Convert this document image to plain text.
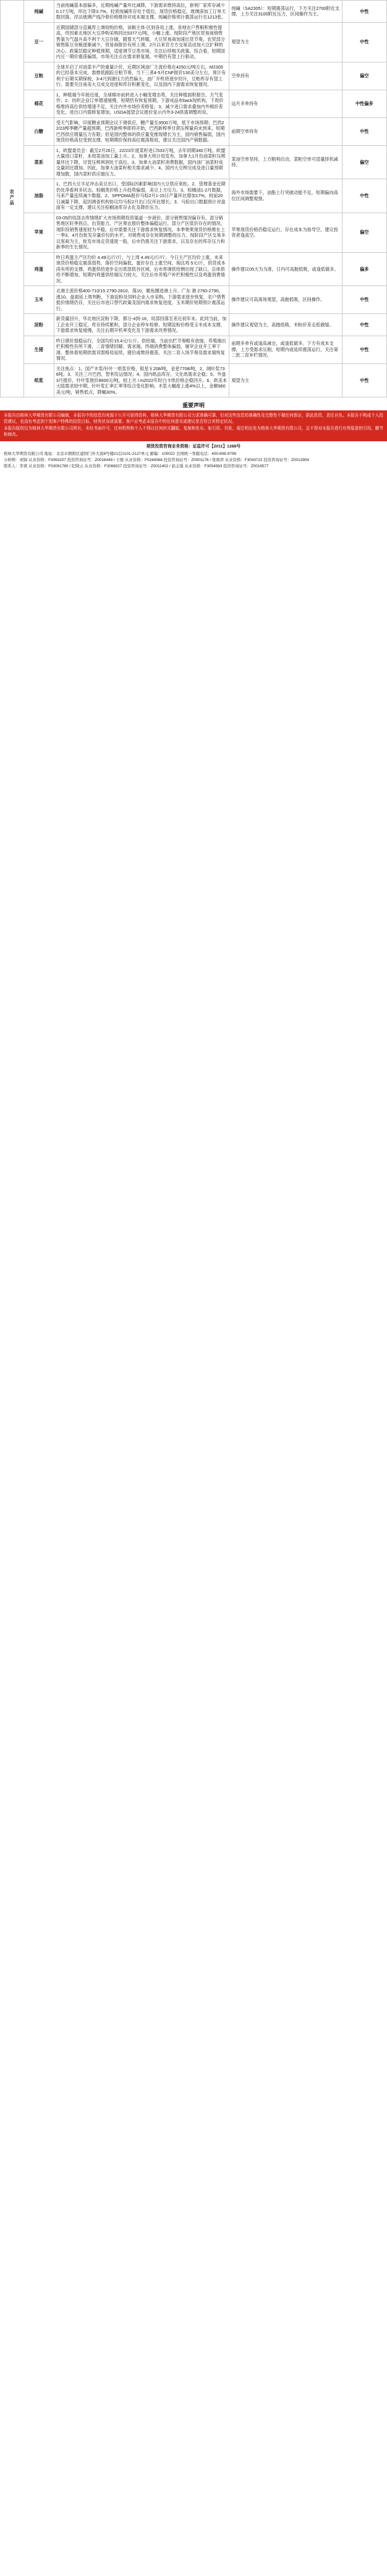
农产品	纯碱	当前纯碱基本面偏多，近期纯碱产量环比减降，下游需求维持高位，套利厂家库存减少0.17万吨，环比下降3.7%。轻质纯碱库存处于低位，现货价格稳定，玻璃深加工订单天数回落，浮法玻璃产线冷修价格维持对成本端支撑，纯碱价格预计震荡运行至1213张。	纯碱（SA2305）：短期震荡运行，下方关注2700附近支撑，上方关注3100附近压力，区间操作为主。	中性
	豆一	近期国储部分直属库上调收购价格，该粮主体-区到各局上涨，各地农户售粮积极性提高，终因素北地区大豆净购采购同比5377元/吨，小幅上涨。现阶段产地区贸易商销售售渠为气温升高不利于大豆存储，随着天气转暖，大豆贸易商加速出货节奏。农贸部分销售陈豆余粮逐渐减少，贸易商报价有所上调。2月以来官方方交易活动加大豆扩种的决心。政策层稳定种植预期，适度调节豆类市场，关注后续相关政策。综合看，短期国内豆一期价震荡偏弱，市场关注点在需求修复端，中期仍有望上行驱动。	观望为主	中性
	豆粕	全球开启了对油菜丰产的重量计价，近期区域油厂主流价格在4250元/吨左右，M2305的已经基本完成，需维低跟踪豆粕节奏，当下三者4-5月CNF报价130美分左右，预计有利于后期买期保税，3-4月到港压力仍然偏大，油厂开机将逐步回升，豆粕库存有望上行。需要关注南美大豆成交进度和库存积累变化，以及国内下游需求恢复情况。	空单持有	偏空
	棉花	1、种植端今年接近度，全球棉市前转进入小幅变增态势，关注种植面积报告、天气变作；2、纺织企业订单增速缓慢，短期仍有恢复预期，下游成品布back现机构，下周价格维持高位供给增速不足，关注内外市场价差修复；3、减少进口需求叠加内外棉价差变化，进出口内需修复增加，USDA展望会议报价显示内外3-24供需调整的说。	远月多单持有	中性偏多
	白糖	受天气影响，印度糖业预期会议下调供应，糖产量至3500万吨，低于市场预期；巴西22/23榨季糖产量超预期，巴西新榨季即将开始，巴西新榨季甘蔗压榨量尚未到来，短期巴西供应增量压力有限；但是国内整体的供应量变推现增长为主，国内销售偏弱，国内现货价格高位受到支撑，短期期价保持高位震荡格局，建议关注国内产销数据。	前期空单持有	中性
	菜系	1、欧盟委员会：截至2月26日，22/23年度菜籽进口533万吨，去年同期340万吨。欧盟大量进口菜籽，本周菜油加工量上升。2、加拿大统计局发布，加拿大1月份油菜籽压榨量环比下降，尽管压榨利润处于高位。3、加拿大油菜籽消费数据，国内油厂油菜籽成交量同比增加。因此，加拿大油菜籽相关需求减少。4、国内大豆榨完成及进口量预期增加数，国内菜籽供应端压力。	菜油空单坚持，上方顺利启动，菜粕空单可适量择机减持。	偏空
	油脂	1、巴西大豆丰足冲击美豆出口，受国际因素影响国内大豆供应宽松。2、管理基金近期仍处净看利多状态，棕榈类价格上升趋势偏弱，美豆上方压力。3、棕榈油1-2月数据，马来产量连续减少数据。2、SPPOMA报价马棕2月1-15日产量环比增加17%，较前20日减量下降，起因调查机构协议均马棕2月出口仅环比增长；3、马棕出口数据预计对盘面有一定支撑，建议关注棕榈油库存去化及降价压力。	海外市场需要下，油脂上行突破动能不足，短期偏向高位区间调整观察。	中性
	苹果	03-05的局部去库情绪扩大市场预期投资渠道一步液价，部分销售情况偏存有，部分销售地区旺季拐点，出货能力，产区果农报价整体偏稳运行，部分产区低价存在的情况，现阶段销售速度较为平稳，后市需要关注下游需求恢复情况。本季果果现货价格维在上一季3、4月份批发存量价位的水平，对销售成存在短期调整的压力。现阶段产区交易多以客商为主，批发市场走货速度一般，后市仍需关注下游需求，以及存在的库存压力和新季的生长情况。	苹果现货价格仍稳定运行，存在成本为指导空，建议投资者逢高空。	偏空
	鸡蛋	昨日鸡蛋主产区均价 4.49元/斤/斤，与上周 4.49元/斤/斤。今日主产区均价上涨。未来现货价格稳定震荡弱势，落价空间偏低，蛋价存在上涨空间。淘汰鸡 5元/斤，供货成本尚有所的支撑，鸡蛋供给逐步走出底部低谷区域，后市将调供给侧出现了缺口，总体供给不断增加，短期内鸡蛋供给端压力较大，关注后市养殖户补栏积极性以及鸡蛋消费情况。	操作建议05大为为准，日内可高抛低吸，或逢低做多。	偏多
	玉米	北港主流价格400-710/15 2790-2810。落10，鲅鱼圈进港上升。广东 港 2760-2790，涨10。盘面延上周判断，下游淀粉及饲料企业入市采购，下游需求逐步恢复，农户惜售挺价情绪仍存，关注后市进口替代政策及国内需求恢复进度，玉米期价短期预计震荡运行。	操作建议可高离场观望，高抛低吸，区间操作。	中性
	淀粉	新货量回升，华北地区淀粉下降，都分-4到-16，局部回落至差近初年末。此同当前，加工企业开工稳定，库存持续累积，部分企业停车检修。短期淀粉价格受玉米成本支撑，下游需求恢复缓慢，关注后期开机率变化及下游需求改善情况。	操作建议观望为主，高抛低吸，米粉价差走低做缩。	中性
	生猪	昨日猪价弱稳运行，全国均价15.4元/公斤。供给端，当前出栏节奏略有放缓，养殖端出栏积极性有所下滑，二育情绪回暖；需求端，终端消费整体偏弱，屠宰企业开工率下滑。整体看短期供需双弱格局延续，猪价或维持震荡，关注二育入场节奏及需求端恢复情况。	前期多单有或逢高减仓，或逢低做多。下方有成本支撑，上方受需求压制，短期内或延续震荡运行，关注第二批二育补栏情况。	中性
	纸浆	关注焦点：1、国产木浆/针叶一纸浆价格，银星￥208/吨，金星7708/吨。2、阔叶浆736吨。3、关注三月巴西，智利发运情况；4、国内纸品库存，文化纸需求企稳；5、外盘3月报价，针叶浆报价8600元/吨，较上月 i m2022年时白卡纸价格企稳回升。6、欧美本大陆需求较中期，针叶浆汇率汇率等综合变化影响。木浆大幅度上涨4%以上，金额960美元/吨，销售低点，降幅30%。	观望为主	中性
重要声明

本报告由格林大华期货有限公司编制，本报告中的信息均来源于公开可获得资料，格林大华期货有限公司力求准确可靠，但对这些信息的准确性及完整性不做任何保证，据此投资，责任自负。本报告不构成个人投资建议，也没有考虑到个别客户特殊的投资目标、财务状况或需要。客户应考虑本报告中的任何意见或建议是否符合其特定状况。

本报告版权仅为格林大华期货有限公司所有，未经书面许可，任何机构和个人不得以任何形式翻版、复制和发布。如引用、刊发，需注明出处为格林大华期货有限公司，且不得对本报告进行有悖原意的引用、删节和修改。

期货投资咨询业务资格：证监许可【2011】1288号
格林大华期货有限公司 地址：北京市朝阳区建国门外大街8号楼21层2101-2127单元 邮编：100022 全国统一客服电话：400-608-9799
分析师：刘锦 从业资格：F3063207 投资咨询证号：Z0016449 / 王骏 从业资格：F0244568 投资咨询证号：Z0001176 / 张晓君 从业资格：F3043722 投资咨询证号：Z0013904
联系人：李爽 从业资格：F03091780 / 纪晓云 从业资格：F3066027 投资咨询证号：Z0011402 / 赵志强 从业资格：F3054583 投资咨询证号：Z0016577
